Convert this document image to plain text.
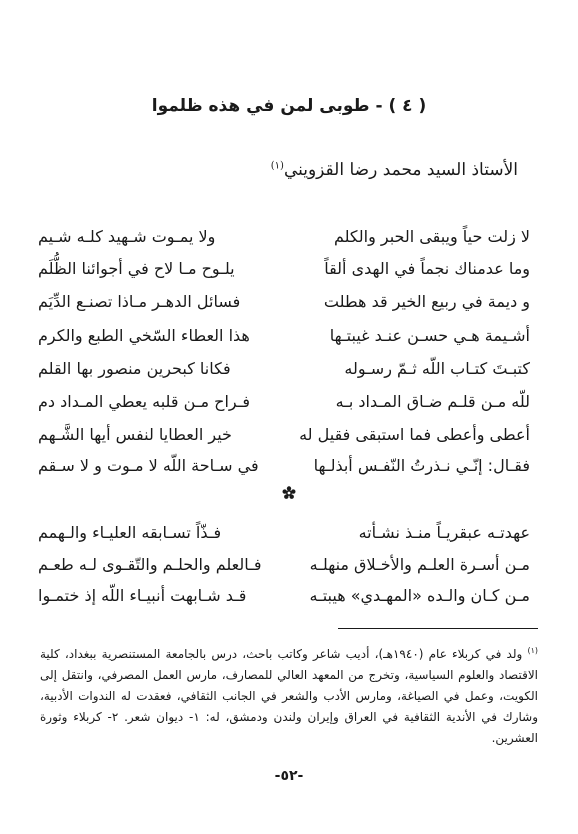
( ٤ ) - طوبى لمن في هذه ظلموا
الأستاذ السيد محمد رضا القزويني$^{(١)}$
لا زلت حياً ويبقى الحبر والكلم
ولا يمـوت شـهيد كلـه شـيم
وما عدمناك نجماً في الهدى ألقاً
يلـوح مـا لاح في أجوائنا الظُّلَم
و ديمة في ربيع الخير قد هطلت
فسائل الدهـر مـاذا تصنـع الدِّيَم
أشـيمة هـي حسـن عنـد غيبتـها
هذا العطاء السّخي الطبع والكرم
كتبـتَ كتـاب اللّه ثـمّ رسـوله
فكانا كبحرين منصور بها القلم
للّه مـن قلـم ضـاق المـداد بـه
فـراح مـن قلبه يعطي المـداد دم
أعطى وأعطى فما استبقى فقيل له
خير العطايا لنفس أيها الشَّـهم
فقـال: إنّـي نـذرتُ النّفـس أبذلـها
في سـاحة اللّه لا مـوت و لا سـقم
عهدتـه عبقريـاً منـذ نشـأته
فـذّاً تسـابقه العليـاء والـهمم
مـن أسـرة العلـم والأخـلاق منهلـه
فـالعلم والحلـم والتّقـوى لـه طعـم
مـن كـان والـده «المهـدي» هيبتـه
قـد شـابهت أنبيـاء اللّه إذ ختمـوا
$^{(١)}$ ولد في كربلاء عام (١٩٤٠هـ)، أديب شاعر وكاتب باحث، درس بالجامعة المستنصرية ببغداد، كلية الاقتصاد والعلوم السياسية، وتخرج من المعهد العالي للمصارف، مارس العمل المصرفي، وانتقل إلى الكويت، وعمل في الصياغة، ومارس الأدب والشعر في الجانب الثقافي، فعقدت له الندوات الأدبية، وشارك في الأندية الثقافية في العراق وإيران ولندن ودمشق، له: ١- ديوان شعر. ٢- كربلاء وثورة العشرين.
-٥٢-
